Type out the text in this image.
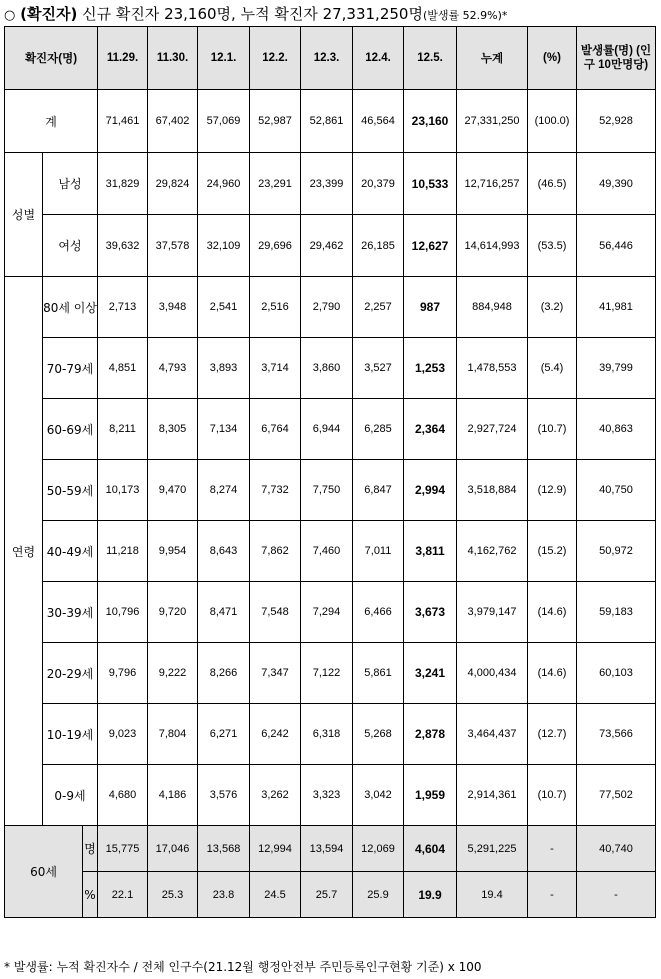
○ (확진자) 신규 확진자 23,160명, 누적 확진자 27,331,250명(발생률 52.9%)*
확진자(명)			11.29.	11.30.	12.1.	12.2.	12.3.	12.4.	12.5.	누계	(%)	발생률(명) (인구 10만명당)
계			71,461	67,402	57,069	52,987	52,861	46,564	23,160	27,331,250	(100.0)	52,928
성별	남성		31,829	29,824	24,960	23,291	23,399	20,379	10,533	12,716,257	(46.5)	49,390
	여성		39,632	37,578	32,109	29,696	29,462	26,185	12,627	14,614,993	(53.5)	56,446
연령	80세 이상		2,713	3,948	2,541	2,516	2,790	2,257	987	884,948	(3.2)	41,981
	70-79세		4,851	4,793	3,893	3,714	3,860	3,527	1,253	1,478,553	(5.4)	39,799
	60-69세		8,211	8,305	7,134	6,764	6,944	6,285	2,364	2,927,724	(10.7)	40,863
	50-59세		10,173	9,470	8,274	7,732	7,750	6,847	2,994	3,518,884	(12.9)	40,750
	40-49세		11,218	9,954	8,643	7,862	7,460	7,011	3,811	4,162,762	(15.2)	50,972
	30-39세		10,796	9,720	8,471	7,548	7,294	6,466	3,673	3,979,147	(14.6)	59,183
	20-29세		9,796	9,222	8,266	7,347	7,122	5,861	3,241	4,000,434	(14.6)	60,103
	10-19세		9,023	7,804	6,271	6,242	6,318	5,268	2,878	3,464,437	(12.7)	73,566
	0-9세		4,680	4,186	3,576	3,262	3,323	3,042	1,959	2,914,361	(10.7)	77,502
60세		명	15,775	17,046	13,568	12,994	13,594	12,069	4,604	5,291,225	-	40,740
		%	22.1	25.3	23.8	24.5	25.7	25.9	19.9	19.4	-	-
* 발생률: 누적 확진자수 / 전체 인구수(21.12월 행정안전부 주민등록인구현황 기준) x 100
